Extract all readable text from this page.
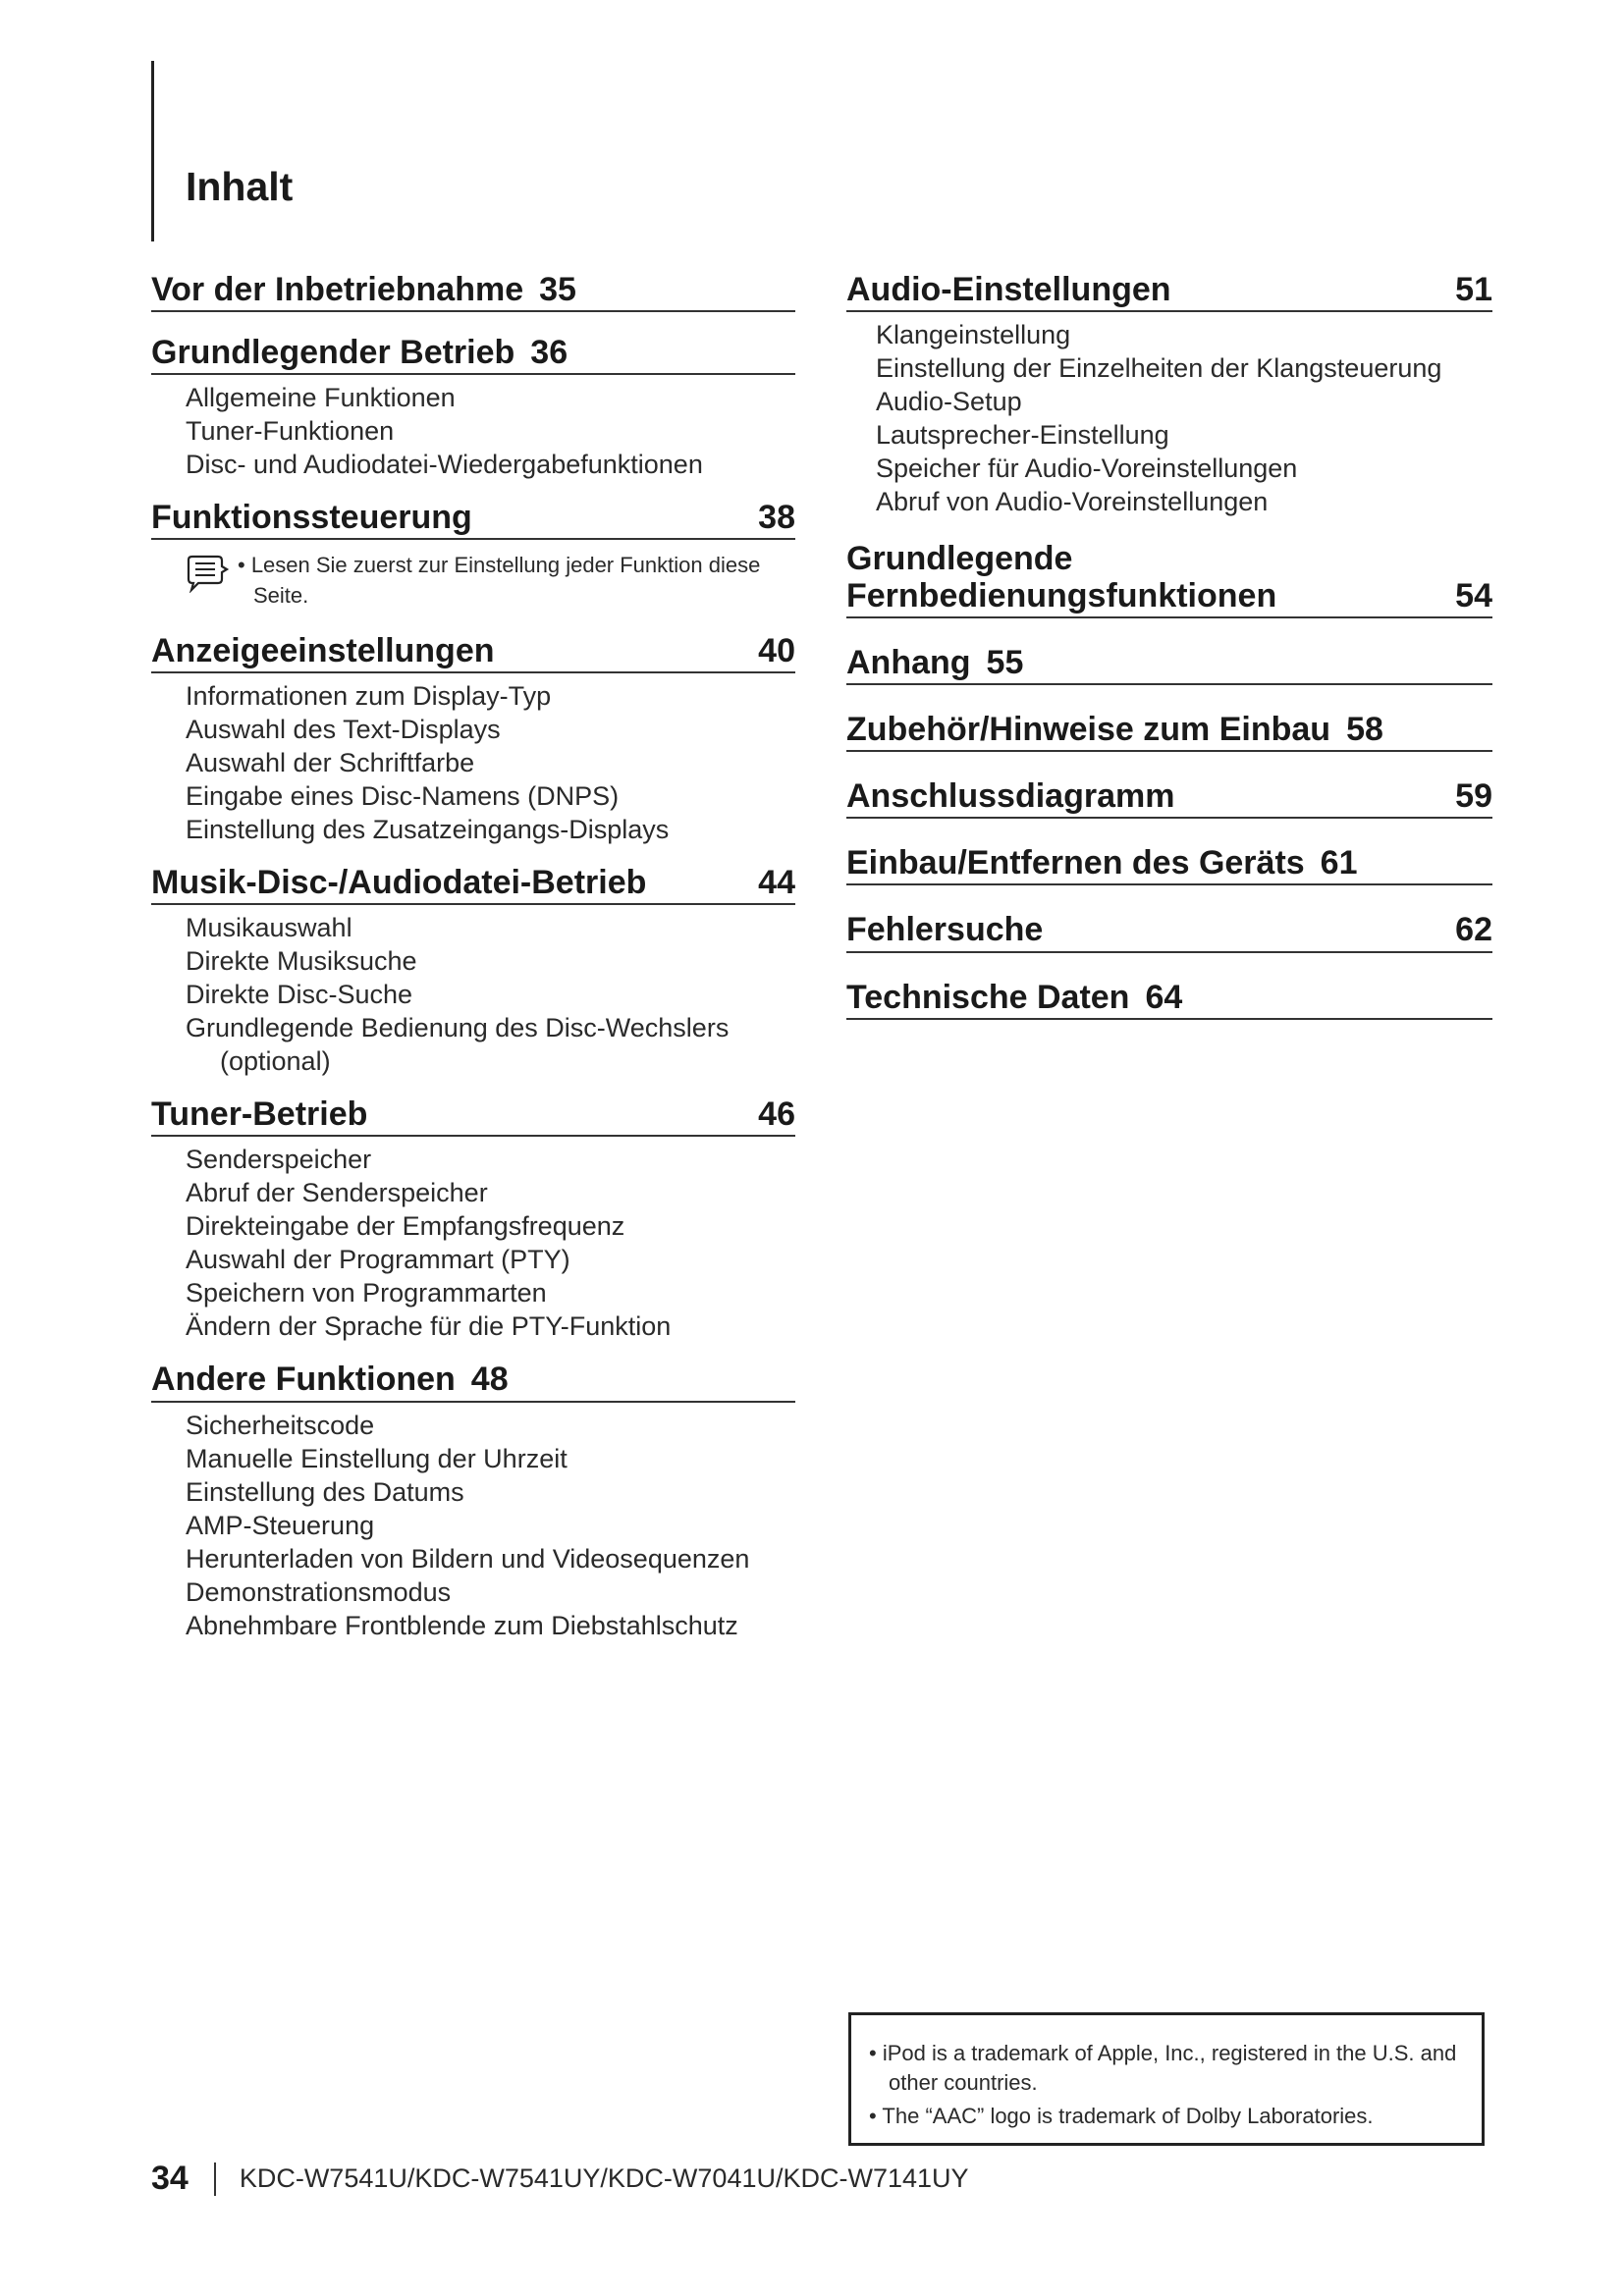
Inhalt
Vor der Inbetriebnahme 35
Grundlegender Betrieb 36
Allgemeine Funktionen
Tuner-Funktionen
Disc- und Audiodatei-Wiedergabefunktionen
Funktionssteuerung	38
• Lesen Sie zuerst zur Einstellung jeder Funktion diese Seite.
Anzeigeeinstellungen	40
Informationen zum Display-Typ
Auswahl des Text-Displays
Auswahl der Schriftfarbe
Eingabe eines Disc-Namens (DNPS)
Einstellung des Zusatzeingangs-Displays
Musik-Disc-/Audiodatei-Betrieb	44
Musikauswahl
Direkte Musiksuche
Direkte Disc-Suche
Grundlegende Bedienung des Disc-Wechslers (optional)
Tuner-Betrieb	46
Senderspeicher
Abruf der Senderspeicher
Direkteingabe der Empfangsfrequenz
Auswahl der Programmart (PTY)
Speichern von Programmarten
Ändern der Sprache für die PTY-Funktion
Andere Funktionen 48
Sicherheitscode
Manuelle Einstellung der Uhrzeit
Einstellung des Datums
AMP-Steuerung
Herunterladen von Bildern und Videosequenzen
Demonstrationsmodus
Abnehmbare Frontblende zum Diebstahlschutz
Audio-Einstellungen	51
Klangeinstellung
Einstellung der Einzelheiten der Klangsteuerung
Audio-Setup
Lautsprecher-Einstellung
Speicher für Audio-Voreinstellungen
Abruf von Audio-Voreinstellungen
Grundlegende Fernbedienungsfunktionen	54
Anhang 55
Zubehör/Hinweise zum Einbau 58
Anschlussdiagramm	59
Einbau/Entfernen des Geräts 61
Fehlersuche	62
Technische Daten 64
• iPod is a trademark of Apple, Inc., registered in the U.S. and other countries.
• The “AAC” logo is trademark of Dolby Laboratories.
34 KDC-W7541U/KDC-W7541UY/KDC-W7041U/KDC-W7141UY
